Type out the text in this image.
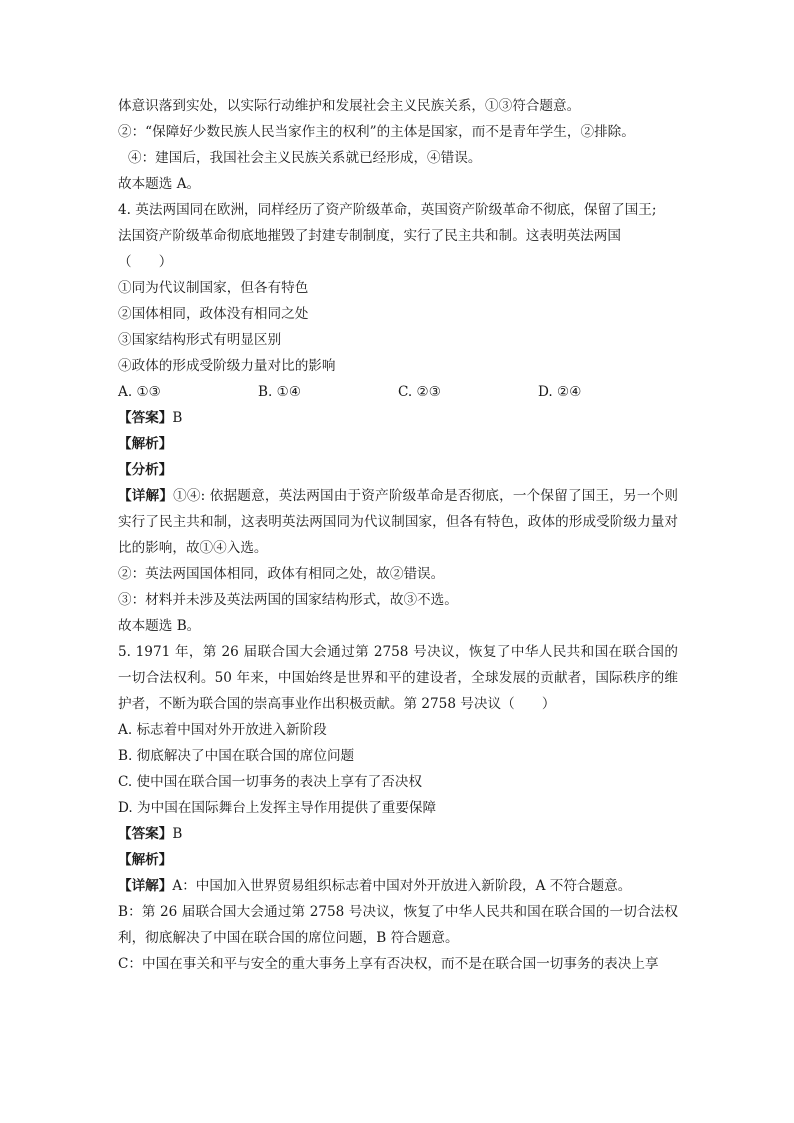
体意识落到实处，以实际行动维护和发展社会主义民族关系，①③符合题意。
②：“保障好少数民族人民当家作主的权利”的主体是国家，而不是青年学生，②排除。
④：建国后，我国社会主义民族关系就已经形成，④错误。
故本题选 A。
4. 英法两国同在欧洲，同样经历了资产阶级革命，英国资产阶级革命不彻底，保留了国王;
法国资产阶级革命彻底地摧毁了封建专制制度，实行了民主共和制。这表明英法两国
（　　）
①同为代议制国家，但各有特色
②国体相同，政体没有相同之处
③国家结构形式有明显区别
④政体的形成受阶级力量对比的影响
A. ①③	B. ①④	C. ②③	D. ②④
【答案】B
【解析】
【分析】
【详解】①④: 依据题意，英法两国由于资产阶级革命是否彻底，一个保留了国王，另一个则实行了民主共和制，这表明英法两国同为代议制国家，但各有特色，政体的形成受阶级力量对比的影响，故①④入选。
②：英法两国国体相同，政体有相同之处，故②错误。
③：材料并未涉及英法两国的国家结构形式，故③不选。
故本题选 B。
5. 1971 年，第 26 届联合国大会通过第 2758 号决议，恢复了中华人民共和国在联合国的一切合法权利。50 年来，中国始终是世界和平的建设者，全球发展的贡献者，国际秩序的维护者，不断为联合国的崇高事业作出积极贡献。第 2758 号决议（　　）
A. 标志着中国对外开放进入新阶段
B. 彻底解决了中国在联合国的席位问题
C. 使中国在联合国一切事务的表决上享有了否决权
D. 为中国在国际舞台上发挥主导作用提供了重要保障
【答案】B
【解析】
【详解】A：中国加入世界贸易组织标志着中国对外开放进入新阶段，A 不符合题意。
B：第 26 届联合国大会通过第 2758 号决议，恢复了中华人民共和国在联合国的一切合法权利，彻底解决了中国在联合国的席位问题，B 符合题意。
C：中国在事关和平与安全的重大事务上享有否决权，而不是在联合国一切事务的表决上享
